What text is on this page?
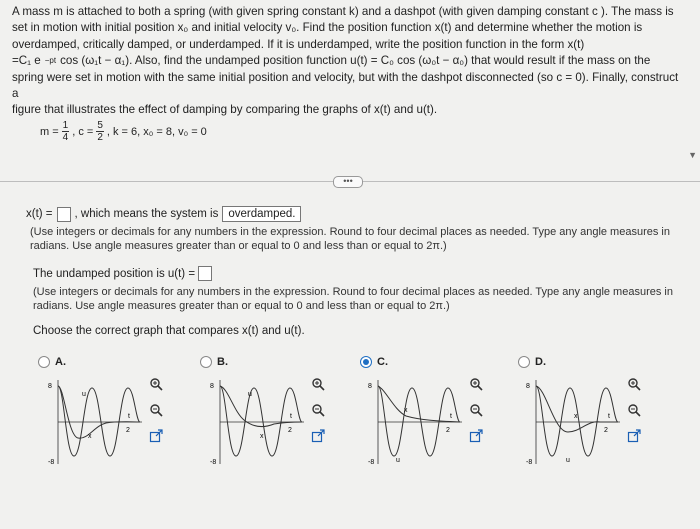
A mass m is attached to both a spring (with given spring constant k) and a dashpot (with given damping constant c ). The mass is

set in motion with initial position x₀ and initial velocity v₀. Find the position function x(t) and determine whether the motion is

overdamped, critically damped, or underdamped. If it is underdamped, write the position function in the form x(t)

=C₁ e −pt cos (ω₁t − α₁). Also, find the undamped position function u(t) = C₀ cos (ω₀t − α₀) that would result if the mass on the

spring were set in motion with the same initial position and velocity, but with the dashpot disconnected (so c = 0). Finally, construct a

figure that illustrates the effect of damping by comparing the graphs of x(t) and u(t).

$m = \frac{1}{4}$ , $c = \frac{5}{2}$ , k = 6, x₀ = 8, v₀ = 0
▼
•••
x(t) = , which means the system is overdamped.
(Use integers or decimals for any numbers in the expression. Round to four decimal places as needed. Type any angle measures in
radians. Use angle measures greater than or equal to 0 and less than or equal to 2π.)
The undamped position is u(t) =
(Use integers or decimals for any numbers in the expression. Round to four decimal places as needed. Type any angle measures in
radians. Use angle measures greater than or equal to 0 and less than or equal to 2π.)
Choose the correct graph that compares x(t) and u(t).
A.	B.	C.	D.
8
-8
u
x
t
2
8
-8
u
x
t
2
8
-8	u
x
t
2
8
-8	u
x	t
2
